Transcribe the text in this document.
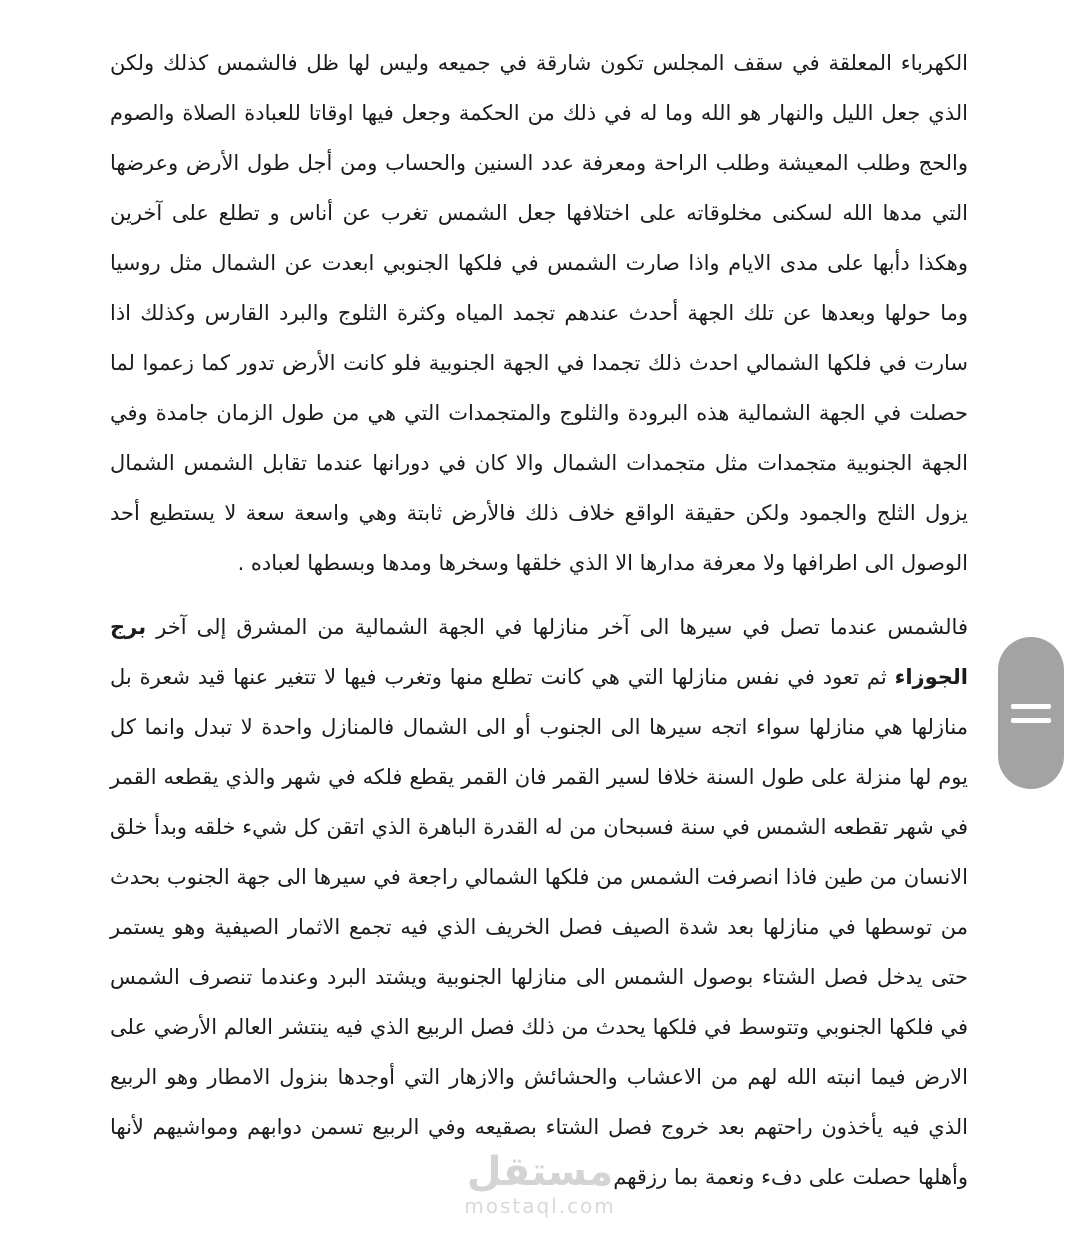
الكهرباء المعلقة في سقف المجلس تكون شارقة في جميعه وليس لها ظل فالشمس كذلك ولكن الذي جعل الليل والنهار هو الله وما له في ذلك من الحكمة وجعل فيها اوقاتا للعبادة الصلاة والصوم والحج وطلب المعيشة وطلب الراحة ومعرفة عدد السنين والحساب ومن أجل طول الأرض وعرضها التي مدها الله لسكنى مخلوقاته على اختلافها جعل الشمس تغرب عن أناس و تطلع على آخرين وهكذا دأبها على مدى الايام واذا صارت الشمس في فلكها الجنوبي ابعدت عن الشمال مثل روسيا وما حولها وبعدها عن تلك الجهة أحدث عندهم تجمد المياه وكثرة الثلوج والبرد القارس وكذلك اذا سارت في فلكها الشمالي احدث ذلك تجمدا في الجهة الجنوبية فلو كانت الأرض تدور كما زعموا لما حصلت في الجهة الشمالية هذه البرودة والثلوج والمتجمدات التي هي من طول الزمان جامدة وفي الجهة الجنوبية متجمدات مثل متجمدات الشمال والا كان في دورانها عندما تقابل الشمس الشمال يزول الثلج والجمود ولكن حقيقة الواقع خلاف ذلك فالأرض ثابتة وهي واسعة سعة لا يستطيع أحد الوصول الى اطرافها ولا معرفة مدارها الا الذي خلقها وسخرها ومدها وبسطها لعباده .

فالشمس عندما تصل في سيرها الى آخر منازلها في الجهة الشمالية من المشرق إلى آخر برج الجوزاء ثم تعود في نفس منازلها التي هي كانت تطلع منها وتغرب فيها لا تتغير عنها قيد شعرة بل منازلها هي منازلها سواء اتجه سيرها الى الجنوب أو الى الشمال فالمنازل واحدة لا تبدل وانما كل يوم لها منزلة على طول السنة خلافا لسير القمر فان القمر يقطع فلكه في شهر والذي يقطعه القمر في شهر تقطعه الشمس في سنة فسبحان من له القدرة الباهرة الذي اتقن كل شيء خلقه وبدأ خلق الانسان من طين فاذا انصرفت الشمس من فلكها الشمالي راجعة في سيرها الى جهة الجنوب بحدث من توسطها في منازلها بعد شدة الصيف فصل الخريف الذي فيه تجمع الاثمار الصيفية وهو يستمر حتى يدخل فصل الشتاء بوصول الشمس الى منازلها الجنوبية ويشتد البرد وعندما تنصرف الشمس في فلكها الجنوبي وتتوسط في فلكها يحدث من ذلك فصل الربيع الذي فيه ينتشر العالم الأرضي على الارض فيما انبته الله لهم من الاعشاب والحشائش والازهار التي أوجدها بنزول الامطار وهو الربيع الذي فيه يأخذون راحتهم بعد خروج فصل الشتاء بصقيعه وفي الربيع تسمن دوابهم ومواشيهم لأنها وأهلها حصلت على دفء ونعمة بما رزقهم

مستقل
mostaql.com
